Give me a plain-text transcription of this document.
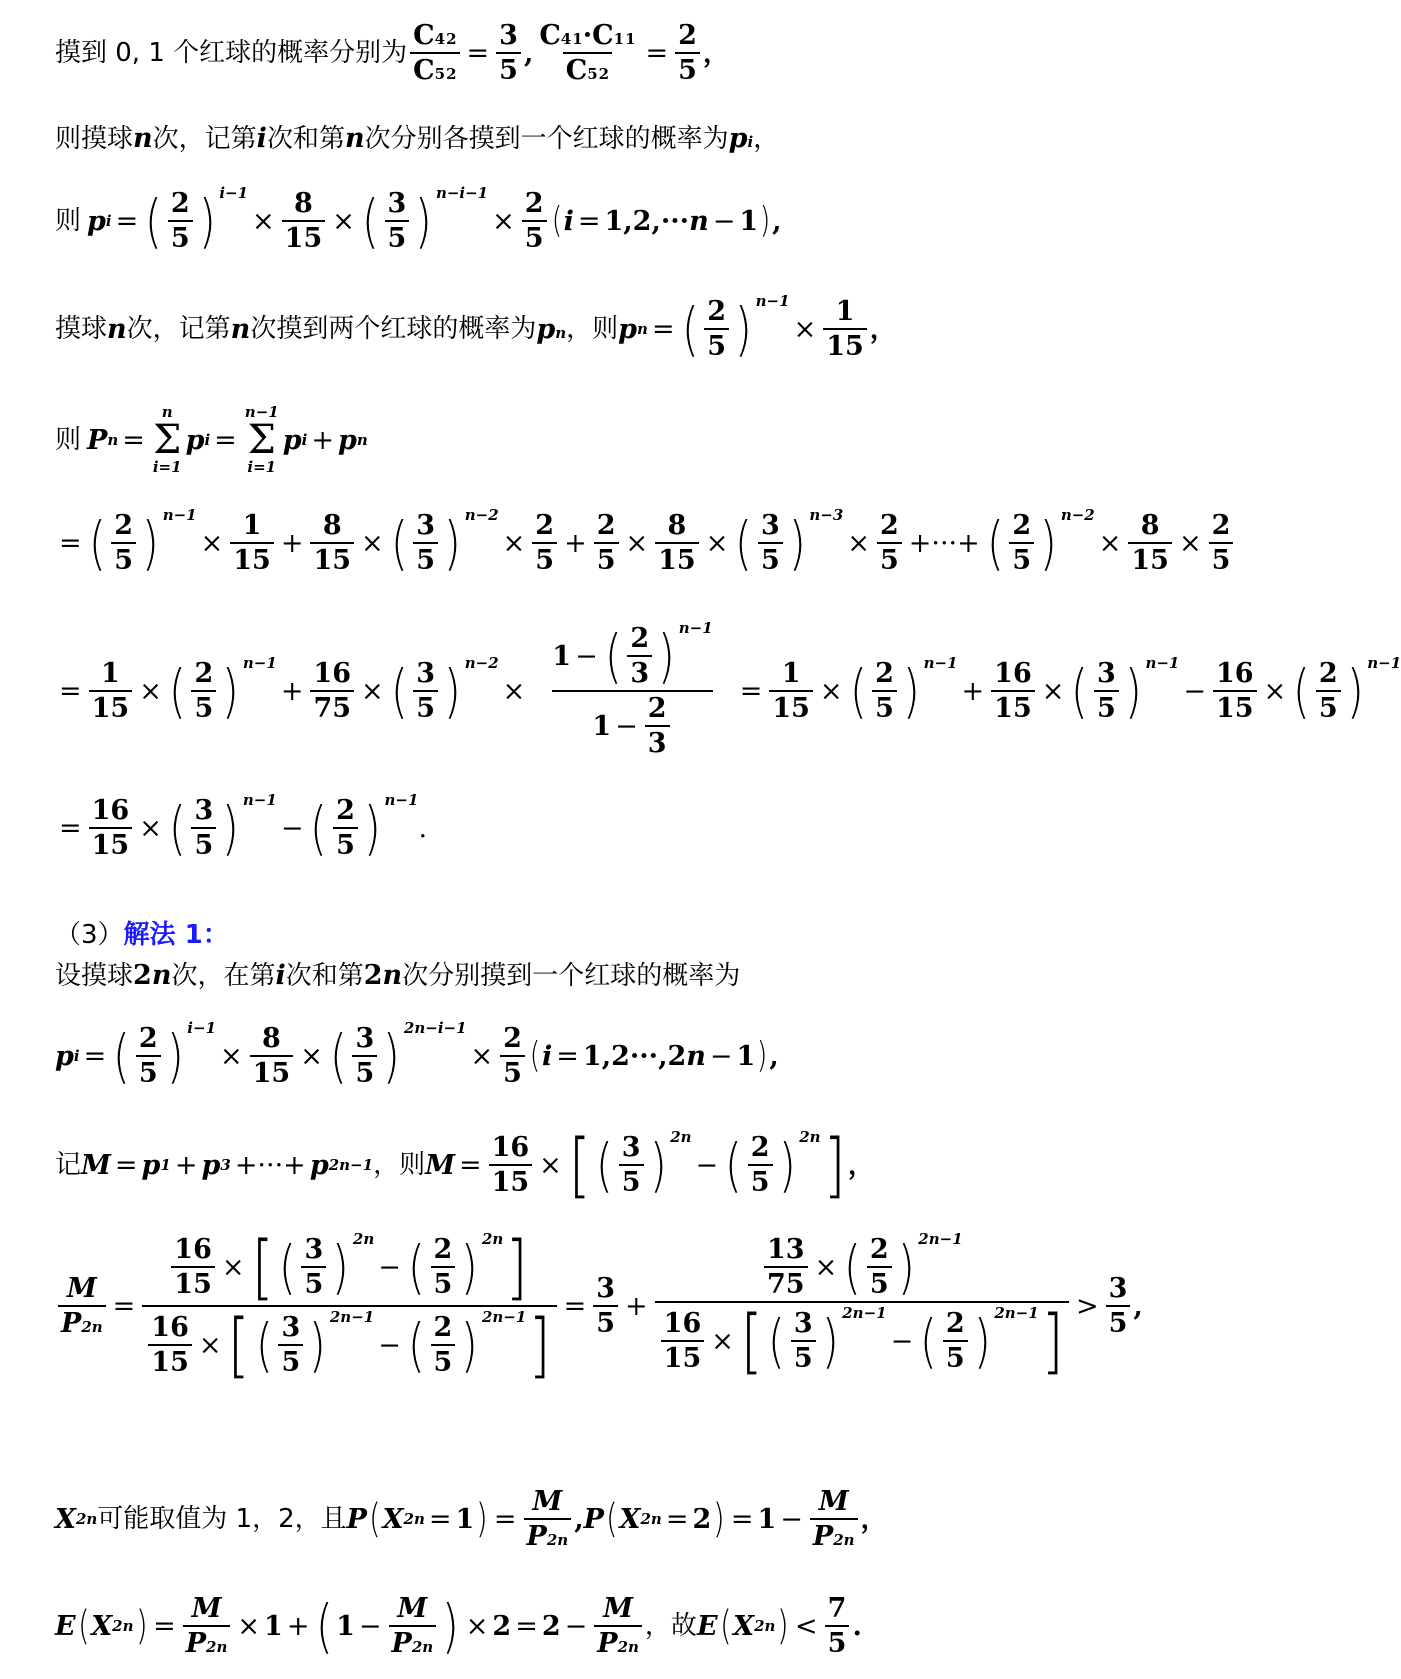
摸到 0, 1 个红球的概率分别为 $\frac{C42}{C52} = \frac{3}{5}$ , $\frac{C41\cdot C11}{C52} = \frac{2}{5}$ ，
则摸球 n 次，记第 i 次和第 n 次分别各摸到一个红球的概率为 pi ，
则 p i = ( $\frac{2}{5}$ ) i−1
× $\frac{8}{15}$ × ( $\frac{3}{5}$ ) n−i−1
× $\frac{2}{5}$ ( i = 1,2,··· n − 1 ) ,
摸球 n 次，记第 n 次摸到两个红球的概率为 pn ，则 p n = ( $\frac{2}{5}$ ) n−1
× $\frac{1}{15}$ ，
则 P n =
n
Σ
i=1
p i =
n−1
Σ
i=1
p i + p n
= ( $\frac{2}{5}$ ) n−1
× $\frac{1}{15} + \frac{8}{15}$ × ( $\frac{3}{5}$ ) n−2
× $\frac{2}{5} + \frac{2}{5} \times \frac{8}{15}$ × ( $\frac{3}{5}$ ) n−3
× $\frac{2}{5}$ +···+ ( $\frac{2}{5}$ ) n−2
× $\frac{8}{15} \times \frac{2}{5}$
= $\frac{1}{15}$ × ( $\frac{2}{5}$ ) n−1
+ $\frac{16}{75}$ × ( $\frac{3}{5}$ ) n−2
× $\frac{1 - ( \frac{2}{3} ) n-1}{1 - \frac{2}{3}} = \frac{1}{15}$ × ( $\frac{2}{5}$ ) n−1
+ $\frac{16}{15}$ × ( $\frac{3}{5}$ ) n−1
− $\frac{16}{15}$ × ( $\frac{2}{5}$ ) n−1
= $\frac{16}{15}$ × ( $\frac{3}{5}$ ) n−1
− ( $\frac{2}{5}$ ) n−1
.
（3） 解法 1：
设摸球 2n 次，在第 i 次和第 2n 次分别摸到一个红球的概率为
p i = ( $\frac{2}{5}$ ) i−1
× $\frac{8}{15}$ × ( $\frac{3}{5}$ ) 2n−i−1
× $\frac{2}{5}$ ( i = 1,2···,2 n − 1 ) ,
记 M = p 1 + p 3 +···+ p 2n−1 ，则 $M = \frac{16}{15}$ × [ ( $\frac{3}{5}$ ) 2n
− ( $\frac{2}{5}$ ) 2n ] ，
$\frac{M}{P2n} = \frac{16}{15}$ × [ ( $\frac{3}{5}$ ) 2n
− ( $\frac{2}{5}$ ) 2n ]
$\frac{16}{15}$ × [ ( $\frac{3}{5}$ ) 2n−1
− ( $\frac{2}{5}$ ) 2n−1 ] = $\frac{3}{5} + \frac{13}{75}$ × ( $\frac{2}{5}$ ) 2n−1
$\frac{16}{15}$ × [ ( $\frac{3}{5}$ ) 2n−1
− ( $\frac{2}{5}$ ) 2n−1 ] > $\frac{3}{5}$ ,
X 2n 可能取值为 1，2，且 P ( X 2n = 1 ) = $\frac{M}{P2n}$ , P ( X 2n = 2 ) = $1 - \frac{M}{P2n}$ ，
E ( X 2n ) = $\frac{M}{P2n} \times 1$ + ( $1 - \frac{M}{P2n}$ ) × $2 = 2 - \frac{M}{P2n}$ ，故 E ( X 2n ) < $\frac{7}{5}$ .
